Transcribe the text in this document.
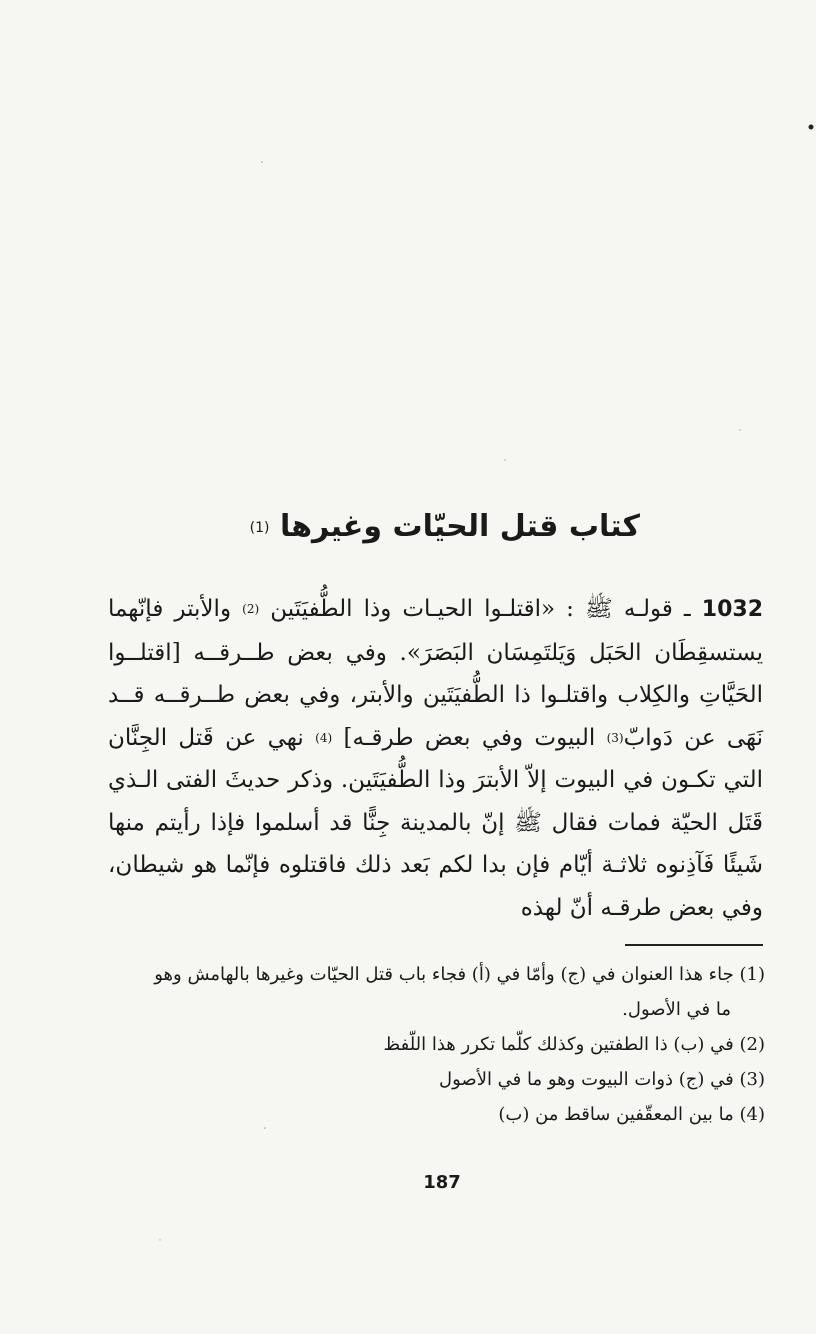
كتاب قتل الحيّات وغيرها $^{(1)}$
1032 ـ قولـه ﷺ : «اقتلـوا الحيـات وذا الطُّفيَتَين $^{(2)}$ والأبتر فإنّهما يستسقِطَان الحَبَل وَيَلتَمِسَان البَصَرَ». وفي بعض طــرقــه [اقتلــوا الحَيَّاتِ والكِلاب واقتلـوا ذا الطُّفيَتَين والأبتر، وفي بعض طــرقــه قــد نَهَى عن دَوابّ$^{(3)}$ البيوت وفي بعض طرقـه] $^{(4)}$ نهي عن قَتل الجِنَّان التي تكـون في البيوت إلاّ الأبترَ وذا الطُّفيَتَين. وذكر حديثَ الفتى الـذي قَتَل الحيّة فمات فقال ﷺ إنّ بالمدينة جِنًّا قد أسلموا فإذا رأيتم منها شَيئًا فَآذِنوه ثلاثـة أيّام فإن بدا لكم بَعد ذلك فاقتلوه فإنّما هو شيطان، وفي بعض طرقـه أنّ لهذه

(1) جاء هذا العنوان في (ج) وأمّا في (أ) فجاء باب قتل الحيّات وغيرها بالهامش وهو
ما في الأصول.

(2) في (ب) ذا الطفتين وكذلك كلّما تكرر هذا اللّفظ

(3) في (ج) ذوات البيوت وهو ما في الأصول

(4) ما بين المعقّفين ساقط من (ب)

187
